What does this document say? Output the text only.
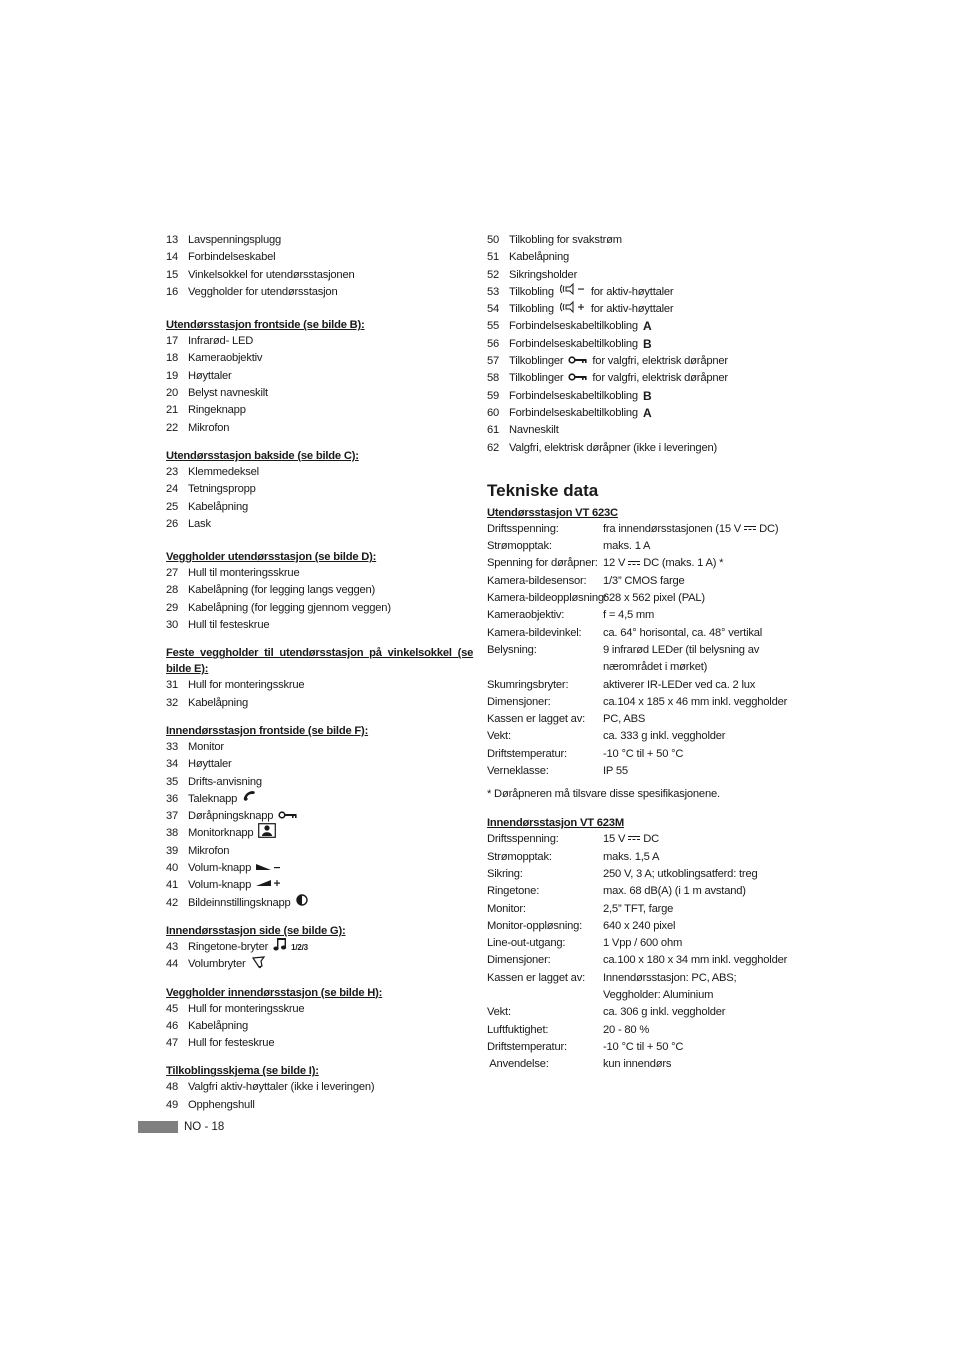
13 Lavspenningsplugg
14 Forbindelseskabel
15 Vinkelsokkel for utendørsstasjonen
16 Veggholder for utendørsstasjon
Utendørsstasjon frontside (se bilde B):
17 Infrarød- LED
18 Kameraobjektiv
19 Høyttaler
20 Belyst navneskilt
21 Ringeknapp
22 Mikrofon
Utendørsstasjon bakside (se bilde C):
23 Klemmedeksel
24 Tetningspropp
25 Kabelåpning
26 Lask
Veggholder utendørsstasjon (se bilde D):
27 Hull til monteringsskrue
28 Kabelåpning (for legging langs veggen)
29 Kabelåpning (for legging gjennom veggen)
30 Hull til festeskrue
Feste  veggholder  til  utendørsstasjon  på  vinkelsokkel  (se
bilde E):
31 Hull for monteringsskrue
32 Kabelåpning
Innendørsstasjon frontside (se bilde F):
33 Monitor
34 Høyttaler
35 Drifts-anvisning
36 Taleknapp
37 Døråpningsknapp
38 Monitorknapp
39 Mikrofon
40 Volum-knapp
41 Volum-knapp
42 Bildeinnstillingsknapp
Innendørsstasjon side (se bilde G):
43 Ringetone-bryter	1/2/3
44 Volumbryter
Veggholder innendørsstasjon (se bilde H):
45 Hull for monteringsskrue
46 Kabelåpning
47 Hull for festeskrue
Tilkoblingsskjema (se bilde I):
48 Valgfri aktiv-høyttaler (ikke i leveringen)
49 Opphengshull
50 Tilkobling for svakstrøm
51 Kabelåpning
52 Sikringsholder
53 Tilkobling	for aktiv-høyttaler
54 Tilkobling	for aktiv-høyttaler
55 Forbindelseskabeltilkobling A
56 Forbindelseskabeltilkobling B
57 Tilkoblinger	for valgfri, elektrisk døråpner
58 Tilkoblinger	for valgfri, elektrisk døråpner
59 Forbindelseskabeltilkobling B
60 Forbindelseskabeltilkobling A
61 Navneskilt
62 Valgfri, elektrisk døråpner (ikke i leveringen)
Tekniske data
Utendørsstasjon VT 623C
Driftsspenning:	fra innendørsstasjonen (15 V DC)
Strømopptak:	maks. 1 A
Spenning for døråpner: 12 V DC (maks. 1 A) *
Kamera-bildesensor:	1/3” CMOS farge
Kamera-bildeoppløsning:
628 x 562 pixel (PAL)
Kameraobjektiv:	f = 4,5 mm
Kamera-bildevinkel:	ca. 64° horisontal, ca. 48° vertikal
Belysning:	9 infrarød LEDer (til belysning av nærområdet i mørket)
Skumringsbryter:	aktiverer IR-LEDer ved ca. 2 lux
Dimensjoner:	ca.104 x 185 x 46 mm inkl. veggholder
Kassen er lagget av:	PC, ABS
Vekt:	ca. 333 g inkl. veggholder
Driftstemperatur:	-10 °C til + 50 °C
Verneklasse:	IP 55
* Døråpneren må tilsvare disse spesifikasjonene.
Innendørsstasjon VT 623M
Driftsspenning:	15 V DC
Strømopptak:	maks. 1,5 A
Sikring:	250 V, 3 A; utkoblingsatferd: treg
Ringetone:	max. 68 dB(A) (i 1 m avstand)
Monitor:	2,5” TFT, farge
Monitor-oppløsning:	640 x 240 pixel
Line-out-utgang:	1 Vpp / 600 ohm
Dimensjoner:	ca.100 x 180 x 34 mm inkl. veggholder
Kassen er lagget av:	Innendørsstasjon: PC, ABS;
Veggholder: Aluminium
Vekt:	ca. 306 g inkl. veggholder
Luftfuktighet:	20 - 80 %
Driftstemperatur:	-10 °C til + 50 °C
Anvendelse:	kun innendørs
NO - 18
